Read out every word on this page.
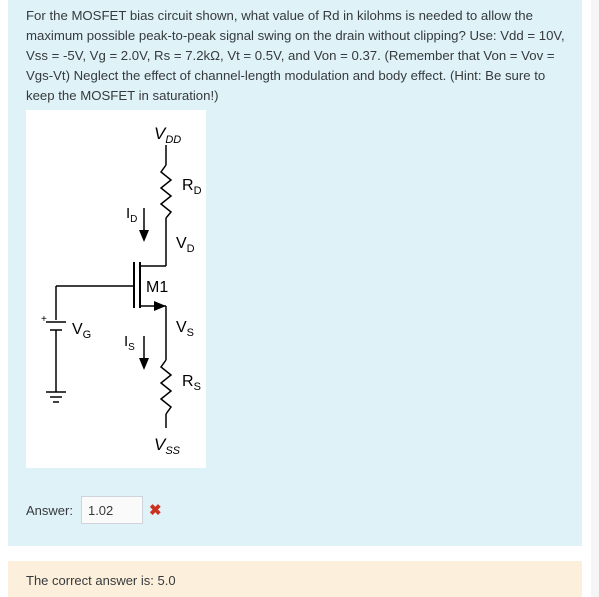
For the MOSFET bias circuit shown, what value of Rd in kilohms is needed to allow the maximum possible peak-to-peak signal swing on the drain without clipping? Use: Vdd = 10V, Vss = -5V, Vg = 2.0V, Rs = 7.2kΩ, Vt = 0.5V, and Von = 0.37. (Remember that Von = Vov = Vgs-Vt) Neglect the effect of channel-length modulation and body effect. (Hint: Be sure to keep the MOSFET in saturation!)
$V_{DD}$
$R_D$
$I_D$
$V_D$
M1
+
$V_G$	$V_S$
$I_S$
$R_S$
$V_{SS}$
Answer:
1.02	✖
The correct answer is: 5.0
